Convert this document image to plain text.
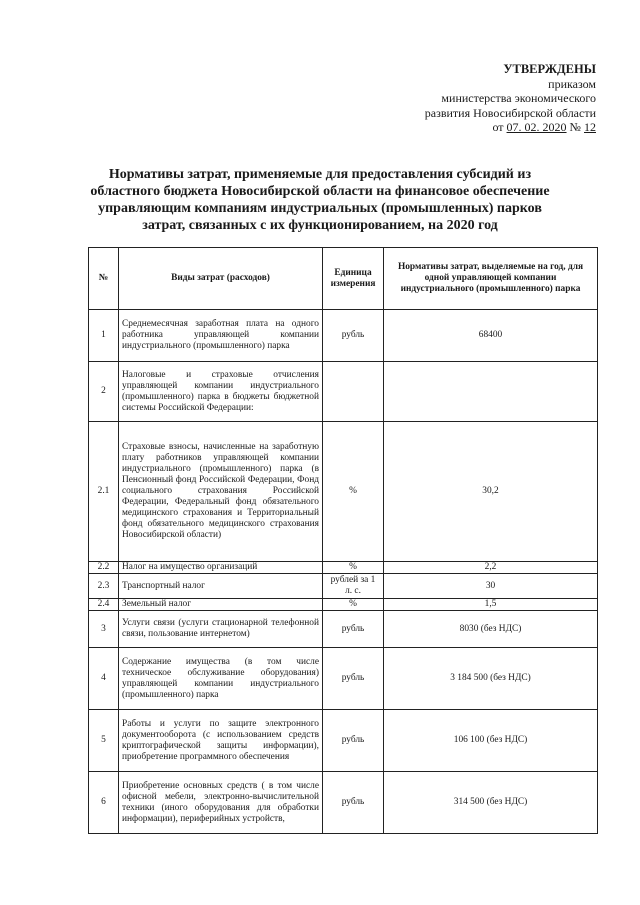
УТВЕРЖДЕНЫ
приказом
министерства экономического
развития Новосибирской области
от 07. 02. 2020 № 12
Нормативы затрат, применяемые для предоставления субсидий из областного бюджета Новосибирской области на финансовое обеспечение управляющим компаниям индустриальных (промышленных) парков затрат, связанных с их функционированием, на 2020 год
№	Виды затрат (расходов)	Единица измерения	Нормативы затрат, выделяемые на год, для одной управляющей компании индустриального (промышленного) парка
1	Среднемесячная заработная плата на одного работника управляющей компании индустриального (промышленного) парка	рубль	68400
2	Налоговые и страховые отчисления управляющей компании индустриального (промышленного) парка в бюджеты бюджетной системы Российской Федерации:		
2.1	Страховые взносы, начисленные на заработную плату работников управляющей компании индустриального (промышленного) парка (в Пенсионный фонд Российской Федерации, Фонд социального страхования Российской Федерации, Федеральный фонд обязательного медицинского страхования и Территориальный фонд обязательного медицинского страхования Новосибирской области)	%	30,2
2.2	Налог на имущество организаций	%	2,2
2.3	Транспортный налог	рублей за 1 л. с.	30
2.4	Земельный налог	%	1,5
3	Услуги связи (услуги стационарной телефонной связи, пользование интернетом)	рубль	8030 (без НДС)
4	Содержание имущества (в том числе техническое обслуживание оборудования) управляющей компании индустриального (промышленного) парка	рубль	3 184 500 (без НДС)
5	Работы и услуги по защите электронного документооборота (с использованием средств криптографической защиты информации), приобретение программного обеспечения	рубль	106 100 (без НДС)
6	Приобретение основных средств ( в том числе офисной мебели, электронно-вычислительной техники (иного оборудования для обработки информации), периферийных устройств,	рубль	314 500 (без НДС)
